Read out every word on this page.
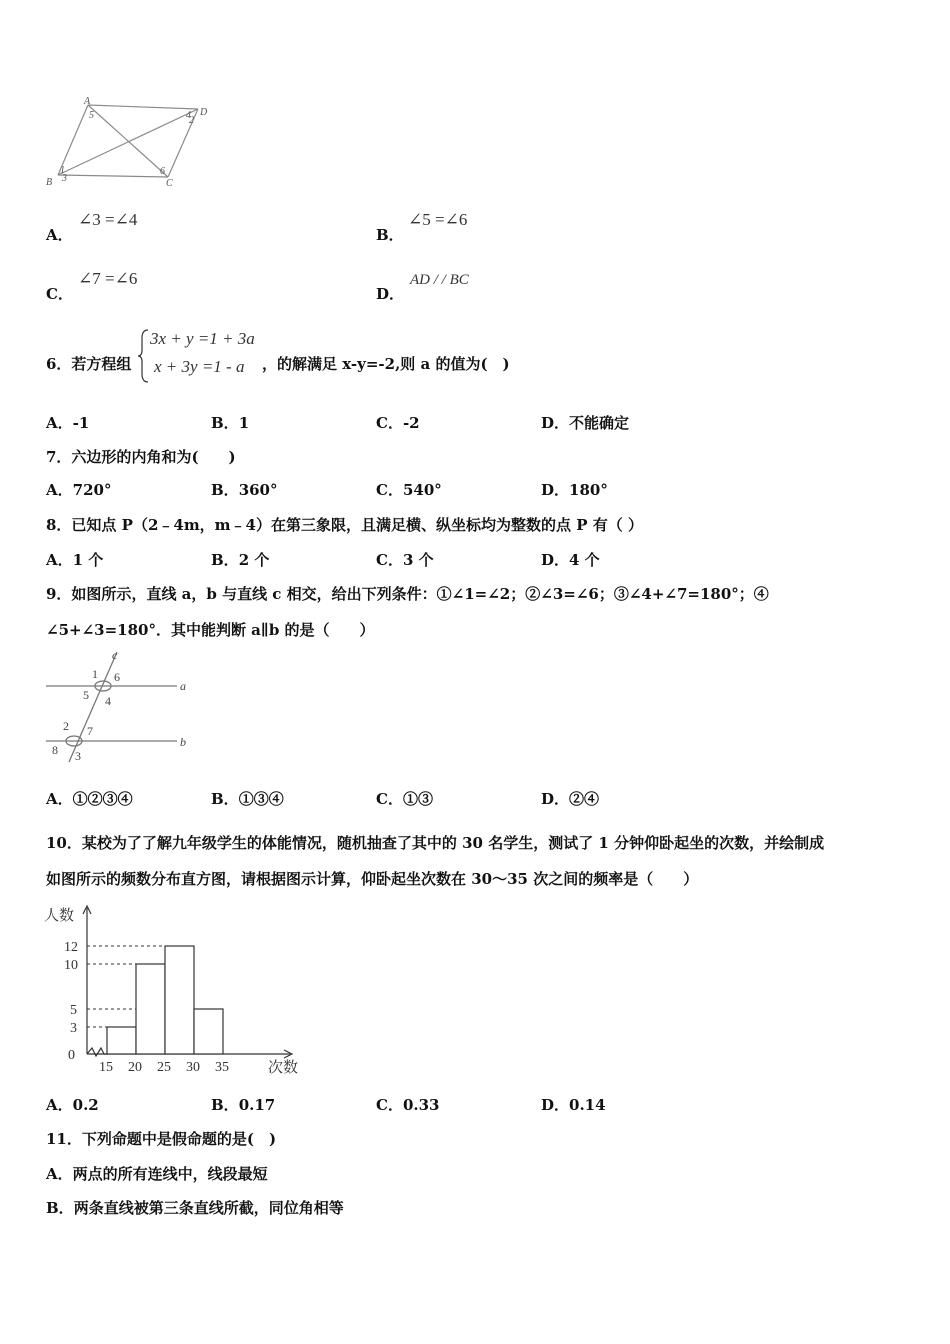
A
5	4
2
D
B
1
3
6
C
A．
∠3 =∠4
B．
∠5 =∠6
C．
∠7 =∠6
D．
AD / / BC
6．若方程组
3x + y =1 + 3a
x + 3y =1 - a ，的解满足 x-y=-2,则 a 的值为(　)
A．-1	B．1	C．-2	D．不能确定
7．六边形的内角和为(　　)
A．720°	B．360°	C．540°	D．180°
8．已知点 P（2﹣4m，m﹣4）在第三象限，且满足横、纵坐标均为整数的点 P 有（ ）
A．1 个	B．2 个	C．3 个	D．4 个
9．如图所示，直线 a，b 与直线 c 相交，给出下列条件：①∠1=∠2；②∠3=∠6；③∠4+∠7=180°；④
∠5+∠3=180°．其中能判断 a∥b 的是（　　）
c
1 6
5 4
a
2 7
8 3
b
A．①②③④	B．①③④	C．①③	D．②④
10．某校为了了解九年级学生的体能情况，随机抽查了其中的 30 名学生，测试了 1 分钟仰卧起坐的次数，并绘制成
如图所示的频数分布直方图，请根据图示计算，仰卧起坐次数在 30～35 次之间的频率是（　　）
0
3
5
10
12
15 20 25 30 35
人数
次数
A．0.2	B．0.17	C．0.33	D．0.14
11．下列命题中是假命题的是(　)
A．两点的所有连线中，线段最短
B．两条直线被第三条直线所截，同位角相等
